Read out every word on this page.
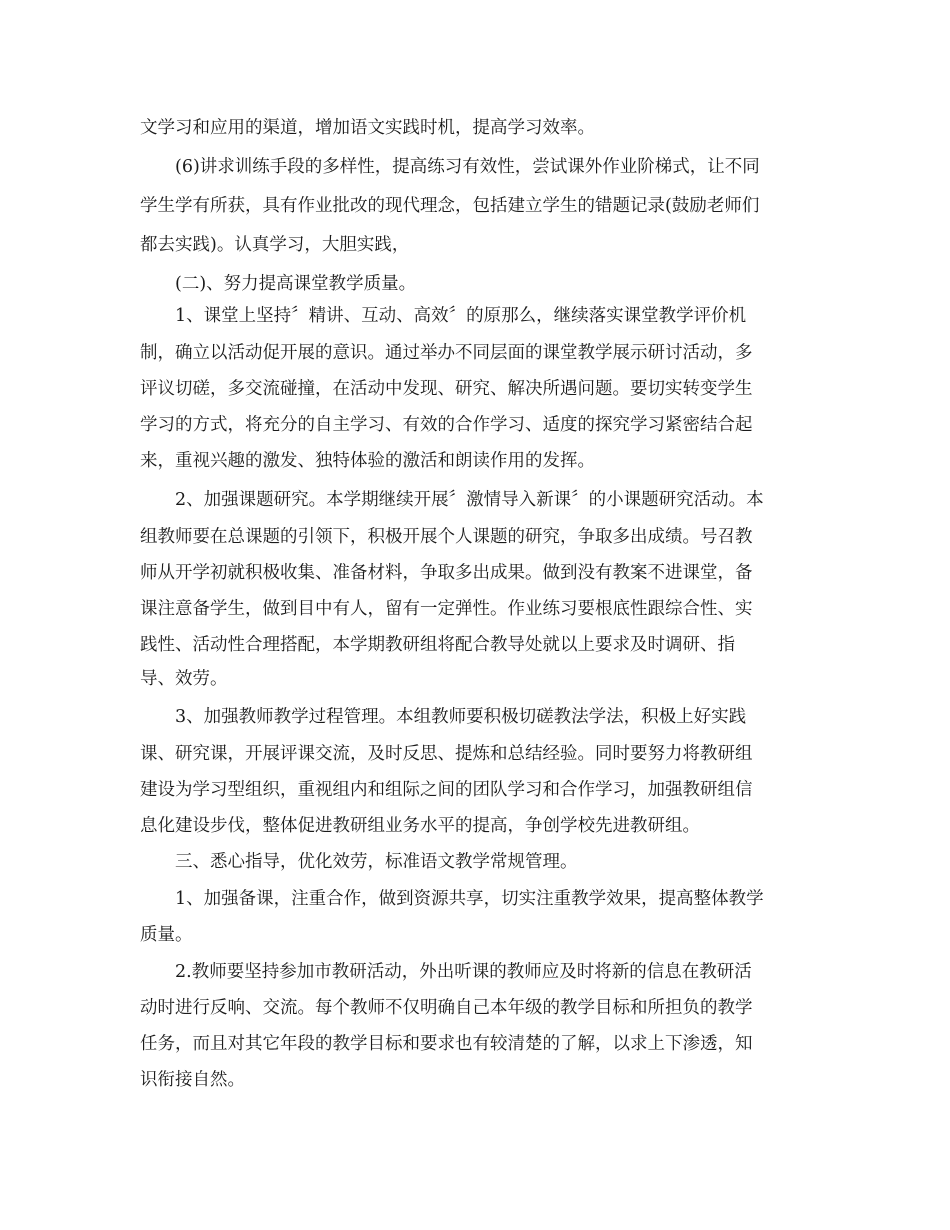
文学习和应用的渠道，增加语文实践时机，提高学习效率。
(6)讲求训练手段的多样性，提高练习有效性，尝试课外作业阶梯式，让不同
学生学有所获，具有作业批改的现代理念，包括建立学生的错题记录(鼓励老师们
都去实践)。认真学习，大胆实践，
(二)、努力提高课堂教学质量。
1、课堂上坚持〞精讲、互动、高效〞的原那么，继续落实课堂教学评价机
制，确立以活动促开展的意识。通过举办不同层面的课堂教学展示研讨活动，多
评议切磋，多交流碰撞，在活动中发现、研究、解决所遇问题。要切实转变学生
学习的方式，将充分的自主学习、有效的合作学习、适度的探究学习紧密结合起
来，重视兴趣的激发、独特体验的激活和朗读作用的发挥。
2、加强课题研究。本学期继续开展〞激情导入新课〞的小课题研究活动。本
组教师要在总课题的引领下，积极开展个人课题的研究，争取多出成绩。号召教
师从开学初就积极收集、准备材料，争取多出成果。做到没有教案不进课堂，备
课注意备学生，做到目中有人，留有一定弹性。作业练习要根底性跟综合性、实
践性、活动性合理搭配，本学期教研组将配合教导处就以上要求及时调研、指
导、效劳。
3、加强教师教学过程管理。本组教师要积极切磋教法学法，积极上好实践
课、研究课，开展评课交流，及时反思、提炼和总结经验。同时要努力将教研组
建设为学习型组织，重视组内和组际之间的团队学习和合作学习，加强教研组信
息化建设步伐，整体促进教研组业务水平的提高，争创学校先进教研组。
三、悉心指导，优化效劳，标准语文教学常规管理。
1、加强备课，注重合作，做到资源共享，切实注重教学效果，提高整体教学
质量。
2.教师要坚持参加市教研活动，外出听课的教师应及时将新的信息在教研活
动时进行反响、交流。每个教师不仅明确自己本年级的教学目标和所担负的教学
任务，而且对其它年段的教学目标和要求也有较清楚的了解，以求上下渗透，知
识衔接自然。
